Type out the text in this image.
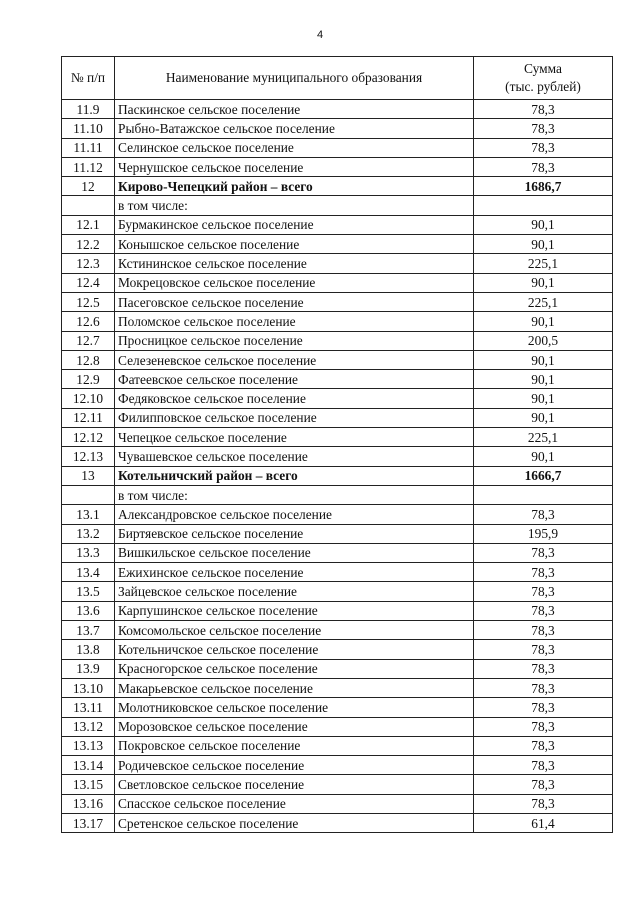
4
№ п/п	Наименование муниципального образования	Сумма
(тыс. рублей)
11.9	Паскинское сельское поселение	78,3
11.10	Рыбно-Ватажское сельское поселение	78,3
11.11	Селинское сельское поселение	78,3
11.12	Чернушское сельское поселение	78,3
12	Кирово-Чепецкий район – всего	1686,7
	в том числе:	
12.1	Бурмакинское сельское поселение	90,1
12.2	Конышское сельское поселение	90,1
12.3	Кстининское сельское поселение	225,1
12.4	Мокрецовское сельское поселение	90,1
12.5	Пасеговское сельское поселение	225,1
12.6	Поломское сельское поселение	90,1
12.7	Просницкое сельское поселение	200,5
12.8	Селезеневское сельское поселение	90,1
12.9	Фатеевское сельское поселение	90,1
12.10	Федяковское сельское поселение	90,1
12.11	Филипповское сельское поселение	90,1
12.12	Чепецкое сельское поселение	225,1
12.13	Чувашевское сельское поселение	90,1
13	Котельничский район – всего	1666,7
	в том числе:	
13.1	Александровское сельское поселение	78,3
13.2	Биртяевское сельское поселение	195,9
13.3	Вишкильское сельское поселение	78,3
13.4	Ежихинское сельское поселение	78,3
13.5	Зайцевское сельское поселение	78,3
13.6	Карпушинское сельское поселение	78,3
13.7	Комсомольское сельское поселение	78,3
13.8	Котельничское сельское поселение	78,3
13.9	Красногорское сельское поселение	78,3
13.10	Макарьевское сельское поселение	78,3
13.11	Молотниковское сельское поселение	78,3
13.12	Морозовское сельское поселение	78,3
13.13	Покровское сельское поселение	78,3
13.14	Родичевское сельское поселение	78,3
13.15	Светловское сельское поселение	78,3
13.16	Спасское сельское поселение	78,3
13.17	Сретенское сельское поселение	61,4
